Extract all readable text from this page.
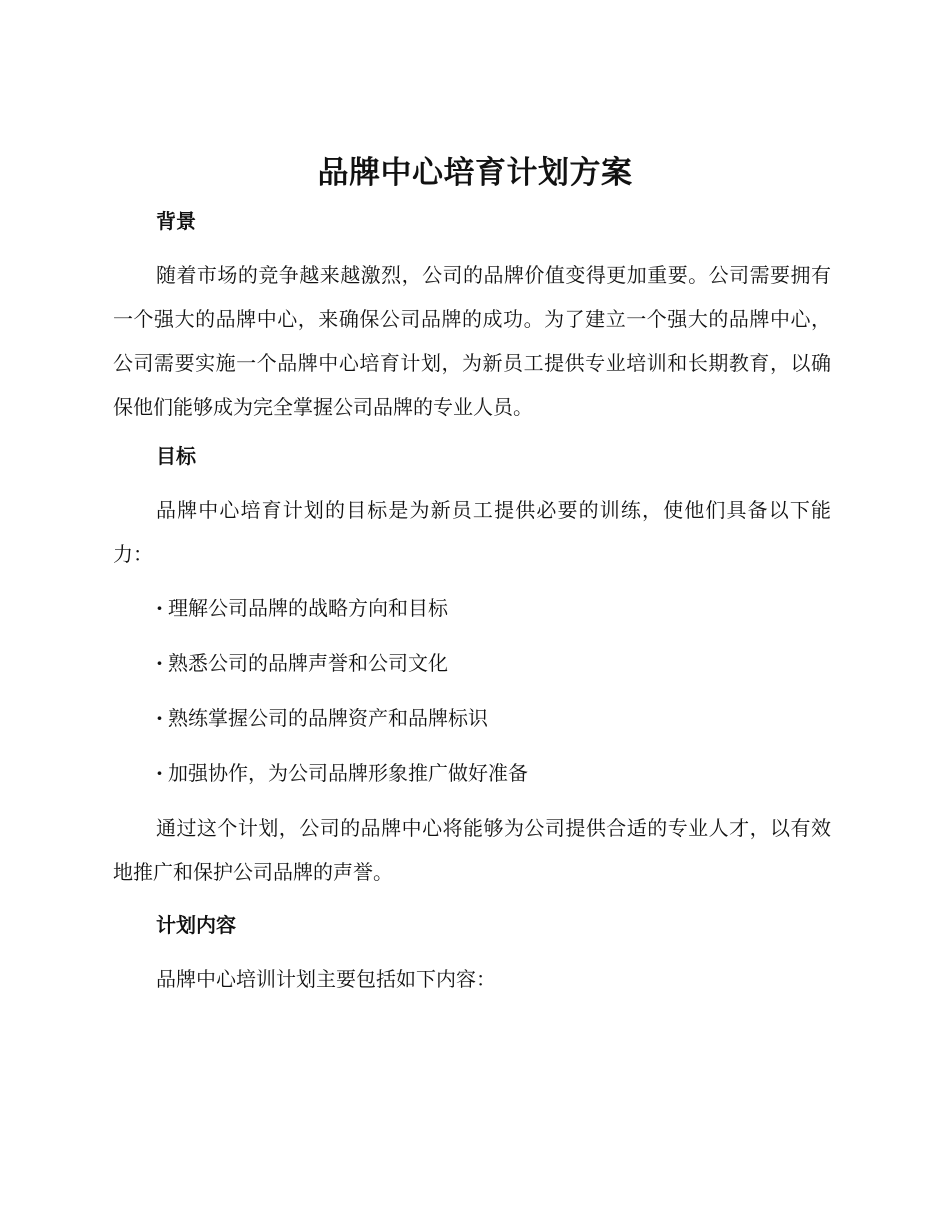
品牌中心培育计划方案
背景

随着市场的竞争越来越激烈，公司的品牌价值变得更加重要。公司需要拥有一个强大的品牌中心，来确保公司品牌的成功。为了建立一个强大的品牌中心，公司需要实施一个品牌中心培育计划，为新员工提供专业培训和长期教育，以确保他们能够成为完全掌握公司品牌的专业人员。

目标

品牌中心培育计划的目标是为新员工提供必要的训练，使他们具备以下能力：

· 理解公司品牌的战略方向和目标
· 熟悉公司的品牌声誉和公司文化
· 熟练掌握公司的品牌资产和品牌标识
· 加强协作，为公司品牌形象推广做好准备

通过这个计划，公司的品牌中心将能够为公司提供合适的专业人才，以有效地推广和保护公司品牌的声誉。

计划内容

品牌中心培训计划主要包括如下内容：
